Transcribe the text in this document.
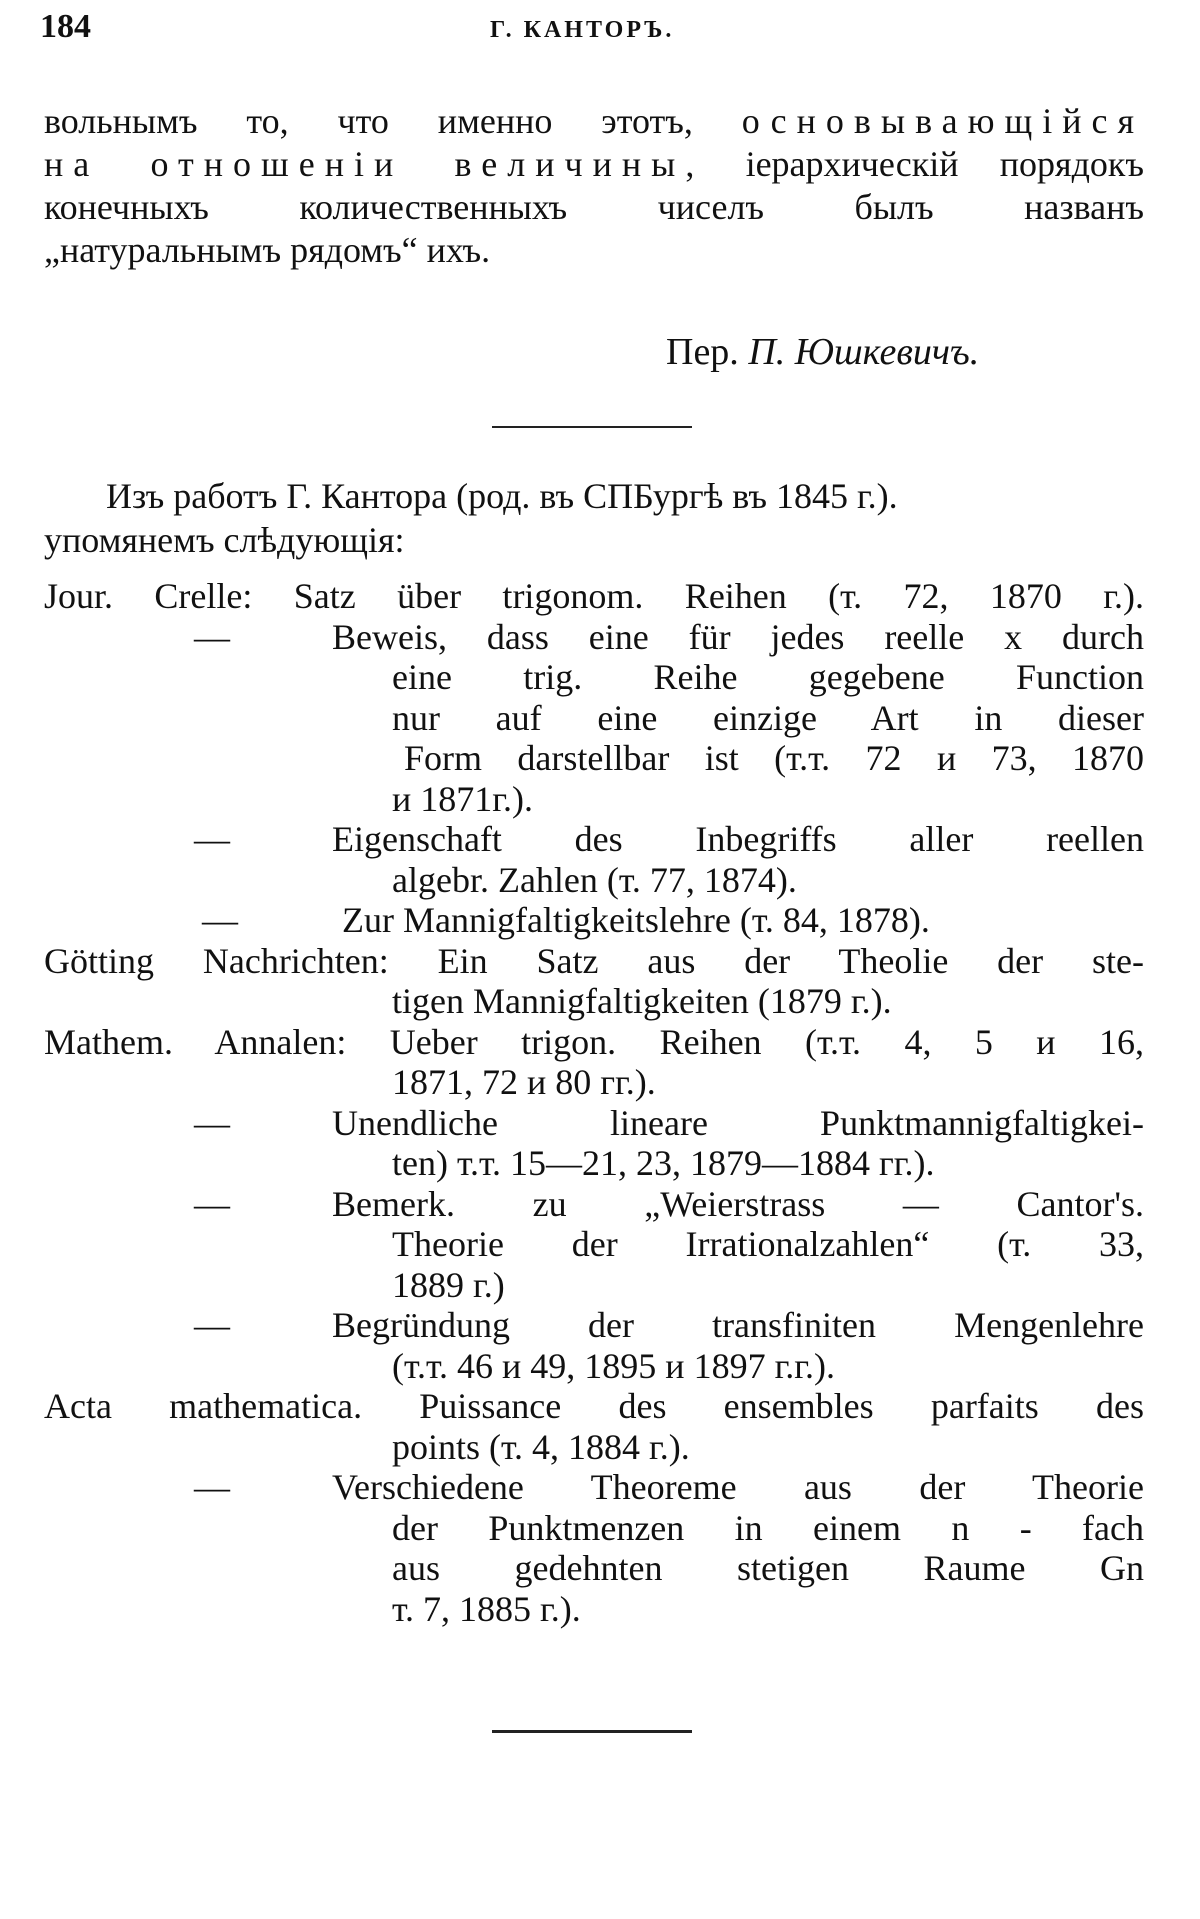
184	Г. КАНТОРЪ.

вольнымъ то, что именно этотъ, основывающійся
на отношеніи величины, іерархическій порядокъ
конечныхъ количественныхъ чиселъ былъ названъ
„натуральнымъ рядомъ“ ихъ.

Пер. П. Юшкевичъ.
Изъ работъ Г. Кантора (род. въ СПБургѣ въ 1845 г.).
упомянемъ слѣдующія:
Jour. Crelle: Satz über trigonom. Reihen (т. 72, 1870 г.).
—	Beweis, dass eine für jedes reelle x durch
eine trig. Reihe gegebene Function
nur auf eine einzige Art in dieser
Form darstellbar ist (т.т. 72 и 73, 1870
и 1871г.).
—	Eigenschaft des Inbegriffs aller reellen
algebr. Zahlen (т. 77, 1874).
—	Zur Mannigfaltigkeitslehre (т. 84, 1878).
Götting Nachrichten: Ein Satz aus der Theolie der ste-
tigen Mannigfaltigkeiten (1879 г.).
Mathem. Annalen: Ueber trigon. Reihen (т.т. 4, 5 и 16,
1871, 72 и 80 гг.).
—	Unendliche lineare Punktmannigfaltigkei-
ten) т.т. 15—21, 23, 1879—1884 гг.).
—	Bemerk. zu „Weierstrass — Cantor's.
Theorie der Irrationalzahlen“ (т. 33,
1889 г.)
—	Begründung der transfiniten Mengenlehre
(т.т. 46 и 49, 1895 и 1897 г.г.).
Acta mathematica. Puissance des ensembles parfaits des
points (т. 4, 1884 г.).
—	Verschiedene Theoreme aus der Theorie
der Punktmenzen in einem n - fach
aus gedehnten stetigen Raume Gn
т. 7, 1885 г.).
